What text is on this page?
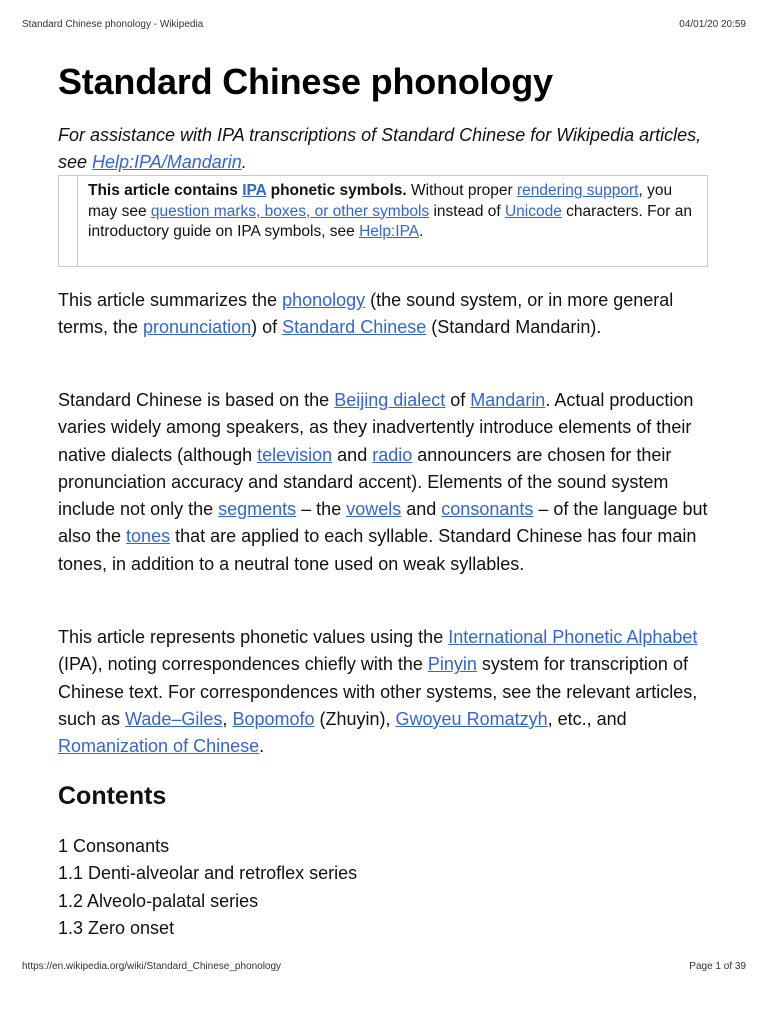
Standard Chinese phonology - Wikipedia	04/01/20 20:59
Standard Chinese phonology
For assistance with IPA transcriptions of Standard Chinese for Wikipedia articles, see Help:IPA/Mandarin.
This article contains IPA phonetic symbols. Without proper rendering support, you may see question marks, boxes, or other symbols instead of Unicode characters. For an introductory guide on IPA symbols, see Help:IPA.

This article summarizes the phonology (the sound system, or in more general terms, the pronunciation) of Standard Chinese (Standard Mandarin).

Standard Chinese is based on the Beijing dialect of Mandarin. Actual production varies widely among speakers, as they inadvertently introduce elements of their native dialects (although television and radio announcers are chosen for their pronunciation accuracy and standard accent). Elements of the sound system include not only the segments – the vowels and consonants – of the language but also the tones that are applied to each syllable. Standard Chinese has four main tones, in addition to a neutral tone used on weak syllables.

This article represents phonetic values using the International Phonetic Alphabet (IPA), noting correspondences chiefly with the Pinyin system for transcription of Chinese text. For correspondences with other systems, see the relevant articles, such as Wade–Giles, Bopomofo (Zhuyin), Gwoyeu Romatzyh, etc., and Romanization of Chinese.

Contents
1 Consonants
1.1 Denti-alveolar and retroflex series
1.2 Alveolo-palatal series
1.3 Zero onset
https://en.wikipedia.org/wiki/Standard_Chinese_phonology	Page 1 of 39
